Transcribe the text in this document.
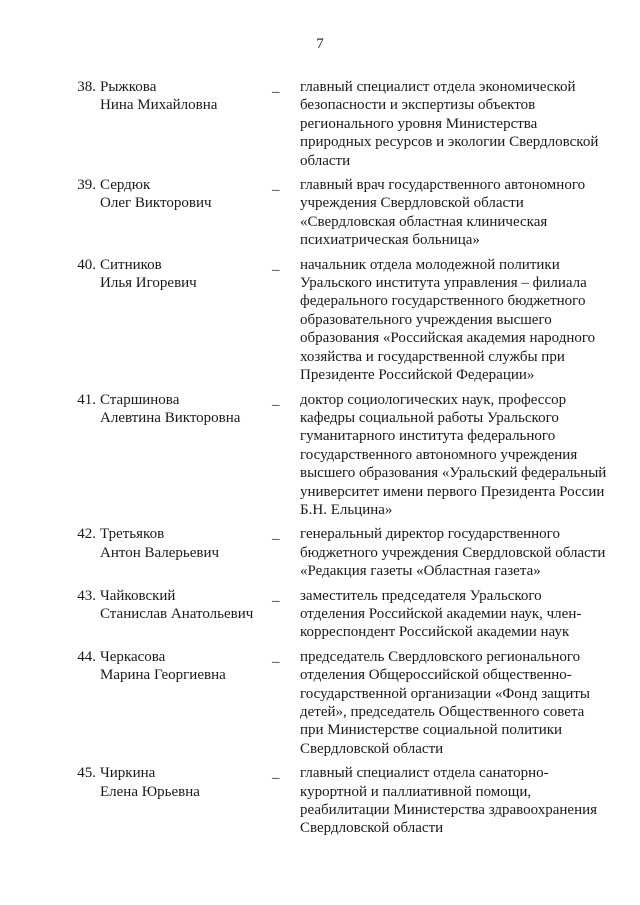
7
38. Рыжкова
Нина Михайловна
_	главный специалист отдела экономической
безопасности и экспертизы объектов
регионального уровня Министерства
природных ресурсов и экологии Свердловской
области
39. Сердюк
Олег Викторович
_	главный врач государственного автономного
учреждения Свердловской области
«Свердловская областная клиническая
психиатрическая больница»
40. Ситников
Илья Игоревич
_	начальник отдела молодежной политики
Уральского института управления – филиала
федерального государственного бюджетного
образовательного учреждения высшего
образования «Российская академия народного
хозяйства и государственной службы при
Президенте Российской Федерации»
41. Старшинова
Алевтина Викторовна
_	доктор социологических наук, профессор
кафедры социальной работы Уральского
гуманитарного института федерального
государственного автономного учреждения
высшего образования «Уральский федеральный
университет имени первого Президента России
Б.Н. Ельцина»
42. Третьяков
Антон Валерьевич
_	генеральный директор государственного
бюджетного учреждения Свердловской области
«Редакция газеты «Областная газета»
43. Чайковский
Станислав Анатольевич
_	заместитель председателя Уральского
отделения Российской академии наук, член-
корреспондент Российской академии наук
44. Черкасова
Марина Георгиевна
_	председатель Свердловского регионального
отделения Общероссийской общественно-
государственной организации «Фонд защиты
детей», председатель Общественного совета
при Министерстве социальной политики
Свердловской области
45. Чиркина
Елена Юрьевна
_	главный специалист отдела санаторно-
курортной и паллиативной помощи,
реабилитации Министерства здравоохранения
Свердловской области
